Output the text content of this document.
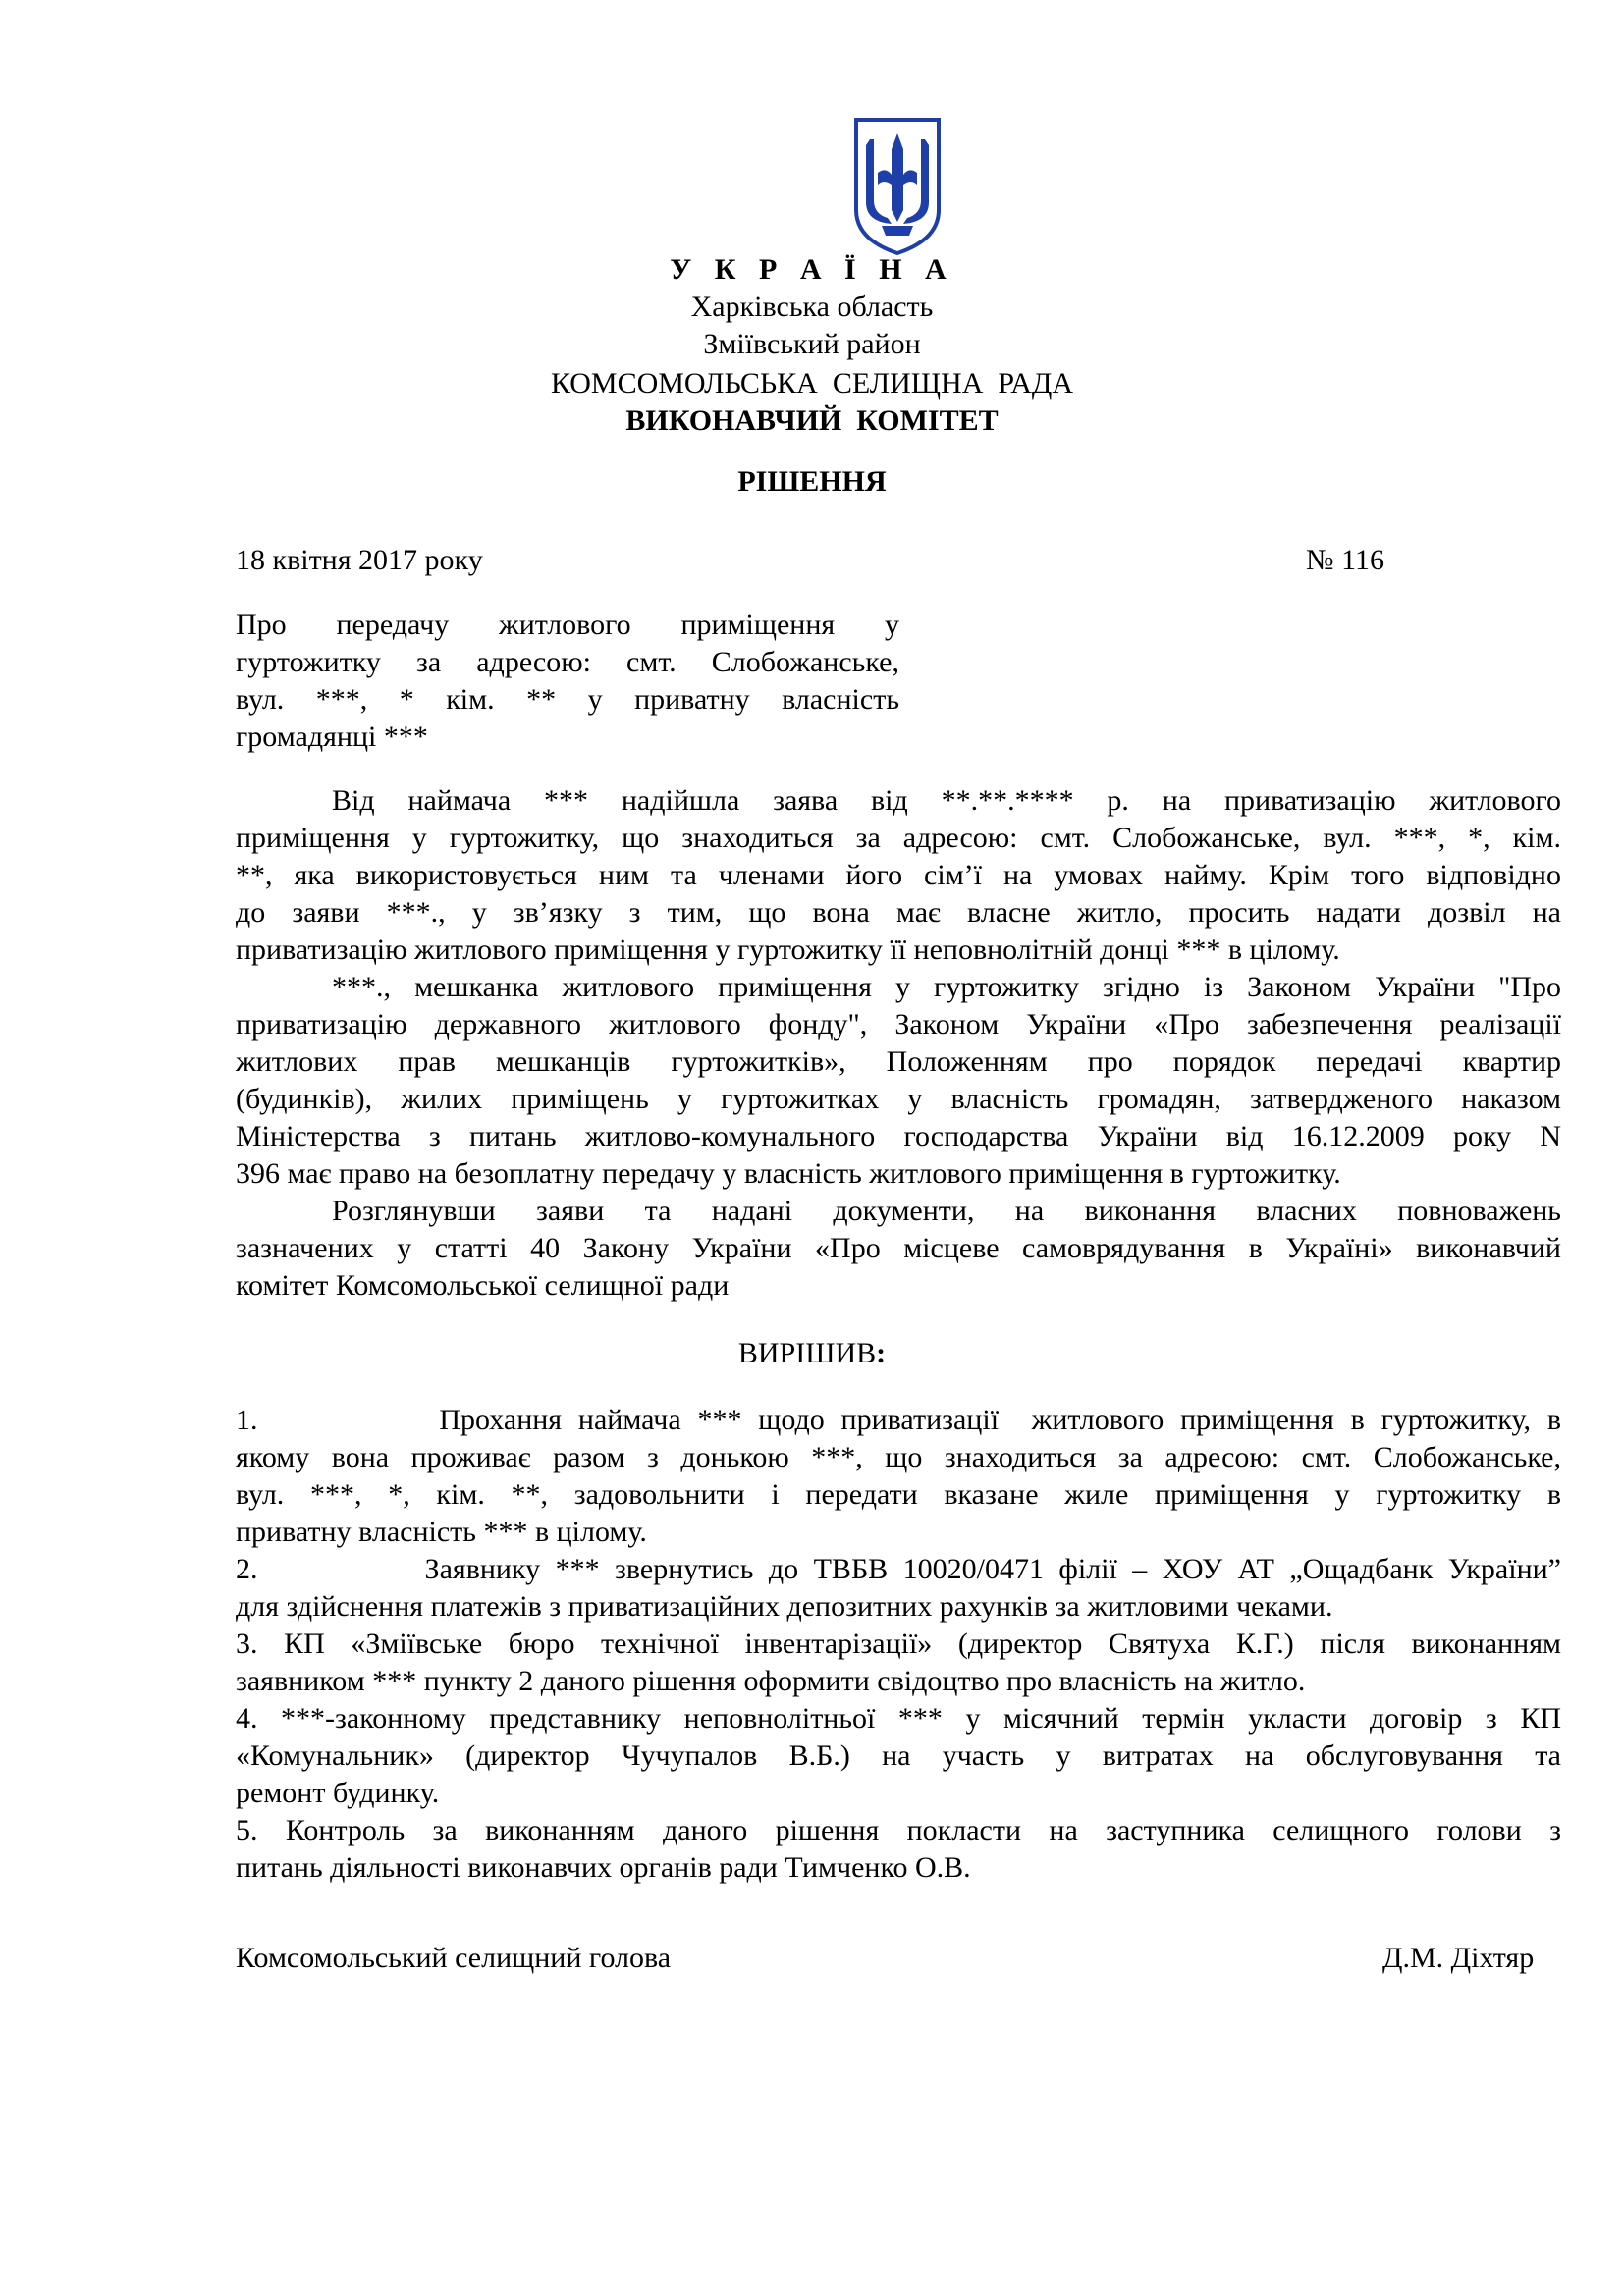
У К Р А Ї Н А
Харківська область
Зміївський район
КОМСОМОЛЬСЬКА  СЕЛИЩНА  РАДА
ВИКОНАВЧИЙ  КОМІТЕТ
РІШЕННЯ
18 квітня 2017 року	№ 116
Про передачу житлового приміщення у
гуртожитку за адресою: смт. Слобожанське,
вул. ***, * кім. ** у приватну власність
громадянці ***
Від наймача *** надійшла заява від **.**.**** р. на приватизацію житлового
приміщення у гуртожитку, що знаходиться за адресою: смт. Слобожанське, вул. ***, *, кім.
**, яка використовується ним та членами його сім’ї на умовах найму. Крім того відповідно
до заяви ***., у зв’язку з тим, що вона має власне житло, просить надати дозвіл на
приватизацію житлового приміщення у гуртожитку її неповнолітній донці *** в цілому.
***., мешканка житлового приміщення у гуртожитку згідно із Законом України "Про
приватизацію державного житлового фонду", Законом України «Про забезпечення реалізації
житлових прав мешканців гуртожитків», Положенням про порядок передачі квартир
(будинків), жилих приміщень у гуртожитках у власність громадян, затвердженого наказом
Міністерства з питань житлово-комунального господарства України від 16.12.2009 року N
396 має право на безоплатну передачу у власність житлового приміщення в гуртожитку.
Розглянувши заяви та надані документи, на виконання власних повноважень
зазначених у статті 40 Закону України «Про місцеве самоврядування в Україні» виконавчий
комітет Комсомольської селищної ради
ВИРІШИВ:
1.           Прохання наймача *** щодо приватизації  житлового приміщення в гуртожитку, в
якому вона проживає разом з донькою ***, що знаходиться за адресою: смт. Слобожанське,
вул. ***, *, кім. **, задовольнити і передати вказане жиле приміщення у гуртожитку в
приватну власність *** в цілому.
2.           Заявнику *** звернутись до ТВБВ 10020/0471 філії – ХОУ АТ „Ощадбанк України”
для здійснення платежів з приватизаційних депозитних рахунків за житловими чеками.
3. КП «Зміївське бюро технічної інвентарізації» (директор Святуха К.Г.) після виконанням
заявником *** пункту 2 даного рішення оформити свідоцтво про власність на житло.
4. ***-законному представнику неповнолітньої *** у місячний термін укласти договір з КП
«Комунальник» (директор Чучупалов В.Б.) на участь у витратах на обслуговування та
ремонт будинку.
5. Контроль за виконанням даного рішення покласти на заступника селищного голови з
питань діяльності виконавчих органів ради Тимченко О.В.
Комсомольський селищний голова	Д.М. Діхтяр
